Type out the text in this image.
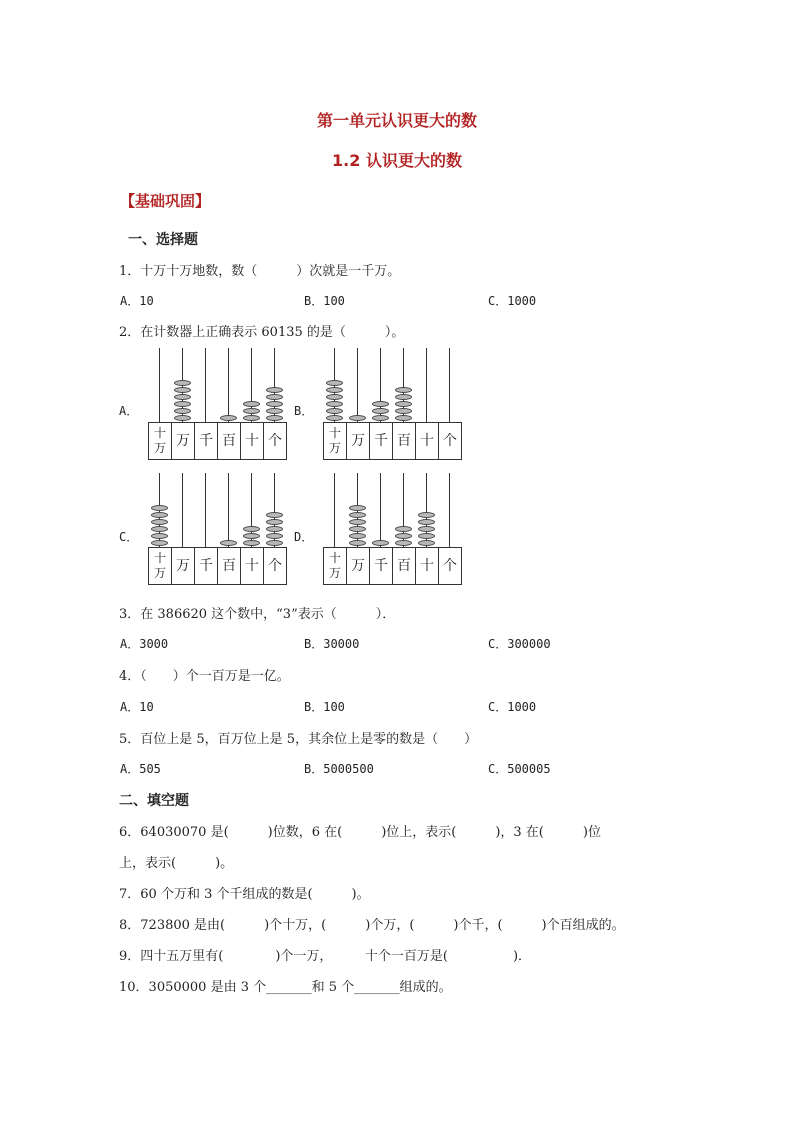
第一单元认识更大的数
1.2 认识更大的数
【基础巩固】
一、选择题
1．十万十万地数，数（　　　）次就是一千万。
A．10	B．100	C．1000
2．在计数器上正确表示 60135 的是（　　　）。
A．	B．
C．	D．
十
万 万 千 百 十 个	十
万 万 千 百 十 个
十
万 万 千 百 十 个	十
万 万 千 百 十 个
3．在 386620 这个数中，“3”表示（　　　）．
A．3000	B．30000	C．300000
4．（　　）个一百万是一亿。
A．10	B．100	C．1000
5．百位上是 5，百万位上是 5，其余位上是零的数是（　　）
A．505	B．5000500	C．500005
二、填空题
6．64030070 是(　　　)位数，6 在(　　　)位上，表示(　　　)，3 在(　　　)位
上，表示(　　　)。
7．60 个万和 3 个千组成的数是(　　　)。
8．723800 是由(　　　)个十万，(　　　)个万，(　　　)个千，(　　　)个百组成的。
9．四十五万里有(　　　　)个一万，　　　十个一百万是(　　　　　)．
10．3050000 是由 3 个_______和 5 个_______组成的。
